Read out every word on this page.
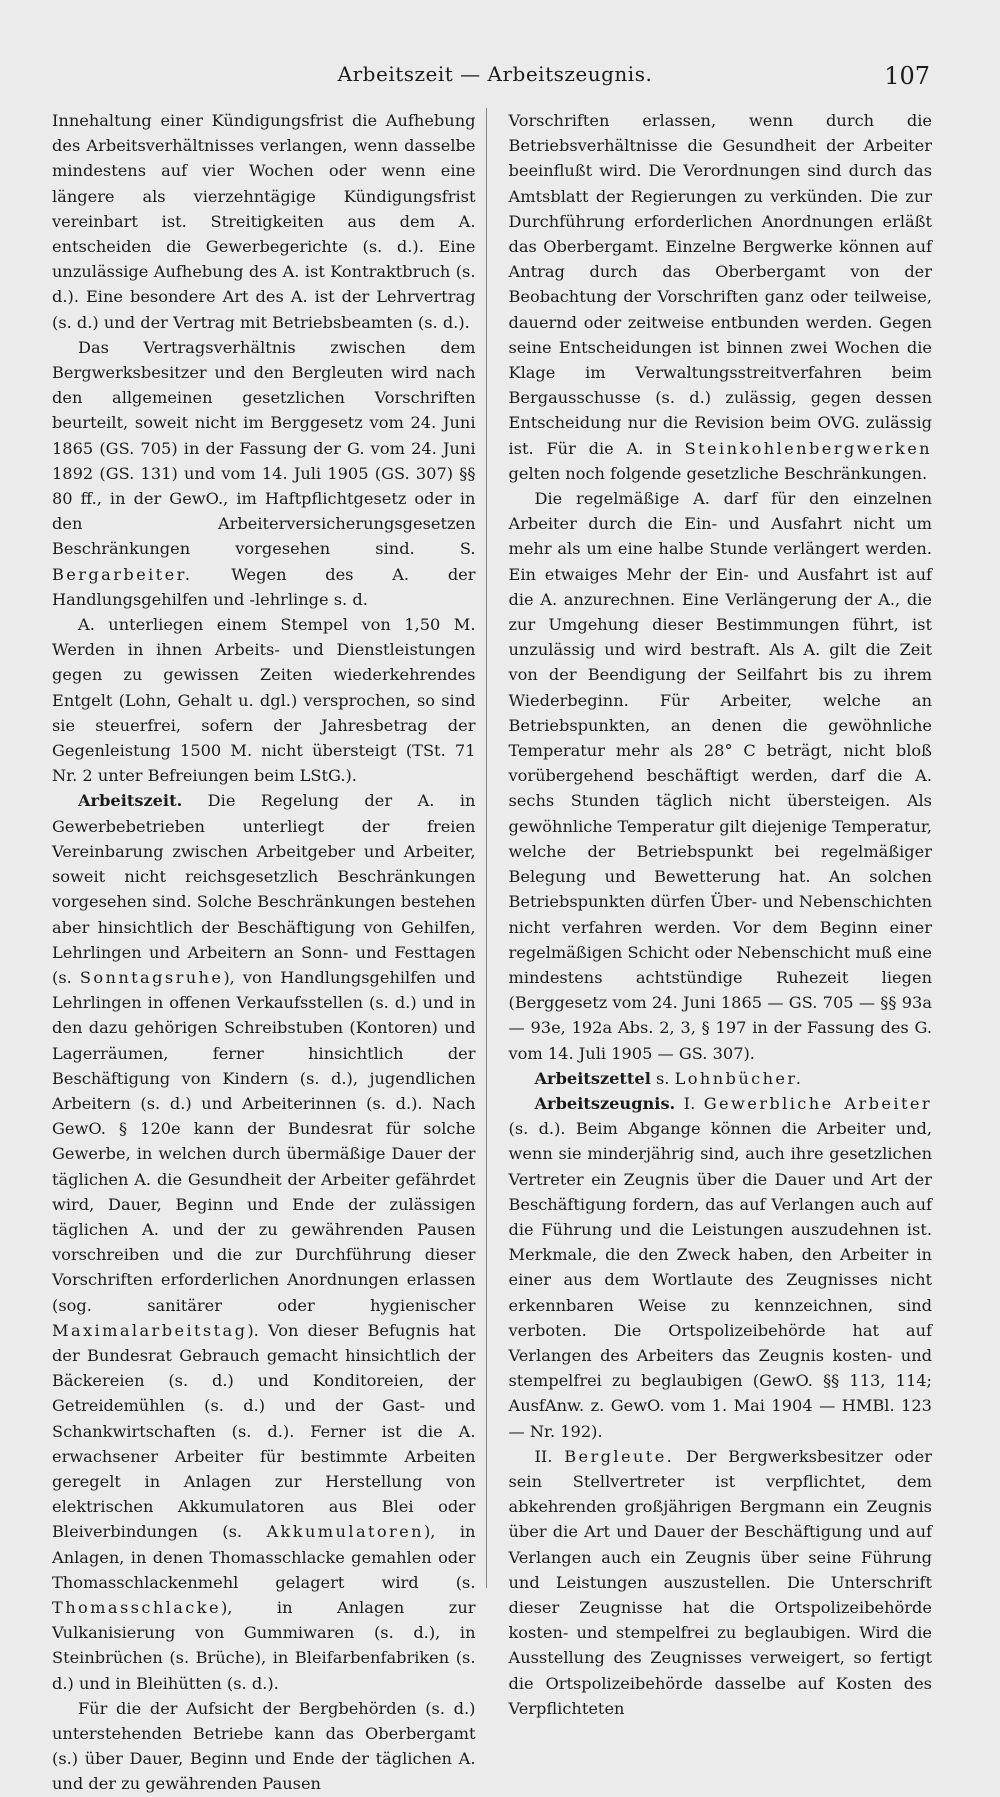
Arbeitszeit — Arbeitszeugnis.	107

Innehaltung einer Kündigungsfrist die Aufhebung des Arbeitsverhältnisses verlangen, wenn dasselbe mindestens auf vier Wochen oder wenn eine längere als vierzehntägige Kündigungsfrist vereinbart ist. Streitigkeiten aus dem A. entscheiden die Gewerbegerichte (s. d.). Eine unzulässige Aufhebung des A. ist Kontraktbruch (s. d.). Eine besondere Art des A. ist der Lehrvertrag (s. d.) und der Vertrag mit Betriebsbeamten (s. d.).

Das Vertragsverhältnis zwischen dem Bergwerksbesitzer und den Bergleuten wird nach den allgemeinen gesetzlichen Vorschriften beurteilt, soweit nicht im Berggesetz vom 24. Juni 1865 (GS. 705) in der Fassung der G. vom 24. Juni 1892 (GS. 131) und vom 14. Juli 1905 (GS. 307) §§ 80 ff., in der GewO., im Haftpflichtgesetz oder in den Arbeiterversicherungsgesetzen Beschränkungen vorgesehen sind. S. Bergarbeiter. Wegen des A. der Handlungsgehilfen und -lehrlinge s. d.

A. unterliegen einem Stempel von 1,50 M. Werden in ihnen Arbeits- und Dienstleistungen gegen zu gewissen Zeiten wiederkehrendes Entgelt (Lohn, Gehalt u. dgl.) versprochen, so sind sie steuerfrei, sofern der Jahresbetrag der Gegenleistung 1500 M. nicht übersteigt (TSt. 71 Nr. 2 unter Befreiungen beim LStG.).

Arbeitszeit. Die Regelung der A. in Gewerbebetrieben unterliegt der freien Vereinbarung zwischen Arbeitgeber und Arbeiter, soweit nicht reichsgesetzlich Beschränkungen vorgesehen sind. Solche Beschränkungen bestehen aber hinsichtlich der Beschäftigung von Gehilfen, Lehrlingen und Arbeitern an Sonn- und Festtagen (s. Sonntagsruhe), von Handlungsgehilfen und Lehrlingen in offenen Verkaufsstellen (s. d.) und in den dazu gehörigen Schreibstuben (Kontoren) und Lagerräumen, ferner hinsichtlich der Beschäftigung von Kindern (s. d.), jugendlichen Arbeitern (s. d.) und Arbeiterinnen (s. d.). Nach GewO. § 120e kann der Bundesrat für solche Gewerbe, in welchen durch übermäßige Dauer der täglichen A. die Gesundheit der Arbeiter gefährdet wird, Dauer, Beginn und Ende der zulässigen täglichen A. und der zu gewährenden Pausen vorschreiben und die zur Durchführung dieser Vorschriften erforderlichen Anordnungen erlassen (sog. sanitärer oder hygienischer Maximalarbeitstag). Von dieser Befugnis hat der Bundesrat Gebrauch gemacht hinsichtlich der Bäckereien (s. d.) und Konditoreien, der Getreidemühlen (s. d.) und der Gast- und Schankwirtschaften (s. d.). Ferner ist die A. erwachsener Arbeiter für bestimmte Arbeiten geregelt in Anlagen zur Herstellung von elektrischen Akkumulatoren aus Blei oder Bleiverbindungen (s. Akkumulatoren), in Anlagen, in denen Thomasschlacke gemahlen oder Thomasschlackenmehl gelagert wird (s. Thomasschlacke), in Anlagen zur Vulkanisierung von Gummiwaren (s. d.), in Steinbrüchen (s. Brüche), in Bleifarbenfabriken (s. d.) und in Bleihütten (s. d.).

Für die der Aufsicht der Bergbehörden (s. d.) unterstehenden Betriebe kann das Oberbergamt (s.) über Dauer, Beginn und Ende der täglichen A. und der zu gewährenden Pausen

Vorschriften erlassen, wenn durch die Betriebsverhältnisse die Gesundheit der Arbeiter beeinflußt wird. Die Verordnungen sind durch das Amtsblatt der Regierungen zu verkünden. Die zur Durchführung erforderlichen Anordnungen erläßt das Oberbergamt. Einzelne Bergwerke können auf Antrag durch das Oberbergamt von der Beobachtung der Vorschriften ganz oder teilweise, dauernd oder zeitweise entbunden werden. Gegen seine Entscheidungen ist binnen zwei Wochen die Klage im Verwaltungsstreitverfahren beim Bergausschusse (s. d.) zulässig, gegen dessen Entscheidung nur die Revision beim OVG. zulässig ist. Für die A. in Steinkohlenbergwerken gelten noch folgende gesetzliche Beschränkungen.

Die regelmäßige A. darf für den einzelnen Arbeiter durch die Ein- und Ausfahrt nicht um mehr als um eine halbe Stunde verlängert werden. Ein etwaiges Mehr der Ein- und Ausfahrt ist auf die A. anzurechnen. Eine Verlängerung der A., die zur Umgehung dieser Bestimmungen führt, ist unzulässig und wird bestraft. Als A. gilt die Zeit von der Beendigung der Seilfahrt bis zu ihrem Wiederbeginn. Für Arbeiter, welche an Betriebspunkten, an denen die gewöhnliche Temperatur mehr als 28° C beträgt, nicht bloß vorübergehend beschäftigt werden, darf die A. sechs Stunden täglich nicht übersteigen. Als gewöhnliche Temperatur gilt diejenige Temperatur, welche der Betriebspunkt bei regelmäßiger Belegung und Bewetterung hat. An solchen Betriebspunkten dürfen Über- und Nebenschichten nicht verfahren werden. Vor dem Beginn einer regelmäßigen Schicht oder Nebenschicht muß eine mindestens achtstündige Ruhezeit liegen (Berggesetz vom 24. Juni 1865 — GS. 705 — §§ 93a — 93e, 192a Abs. 2, 3, § 197 in der Fassung des G. vom 14. Juli 1905 — GS. 307).

Arbeitszettel s. Lohnbücher.

Arbeitszeugnis. I. Gewerbliche Arbeiter (s. d.). Beim Abgange können die Arbeiter und, wenn sie minderjährig sind, auch ihre gesetzlichen Vertreter ein Zeugnis über die Dauer und Art der Beschäftigung fordern, das auf Verlangen auch auf die Führung und die Leistungen auszudehnen ist. Merkmale, die den Zweck haben, den Arbeiter in einer aus dem Wortlaute des Zeugnisses nicht erkennbaren Weise zu kennzeichnen, sind verboten. Die Ortspolizeibehörde hat auf Verlangen des Arbeiters das Zeugnis kosten- und stempelfrei zu beglaubigen (GewO. §§ 113, 114; AusfAnw. z. GewO. vom 1. Mai 1904 — HMBl. 123 — Nr. 192).

II. Bergleute. Der Bergwerksbesitzer oder sein Stellvertreter ist verpflichtet, dem abkehrenden großjährigen Bergmann ein Zeugnis über die Art und Dauer der Beschäftigung und auf Verlangen auch ein Zeugnis über seine Führung und Leistungen auszustellen. Die Unterschrift dieser Zeugnisse hat die Ortspolizeibehörde kosten- und stempelfrei zu beglaubigen. Wird die Ausstellung des Zeugnisses verweigert, so fertigt die Ortspolizeibehörde dasselbe auf Kosten des Verpflichteten
